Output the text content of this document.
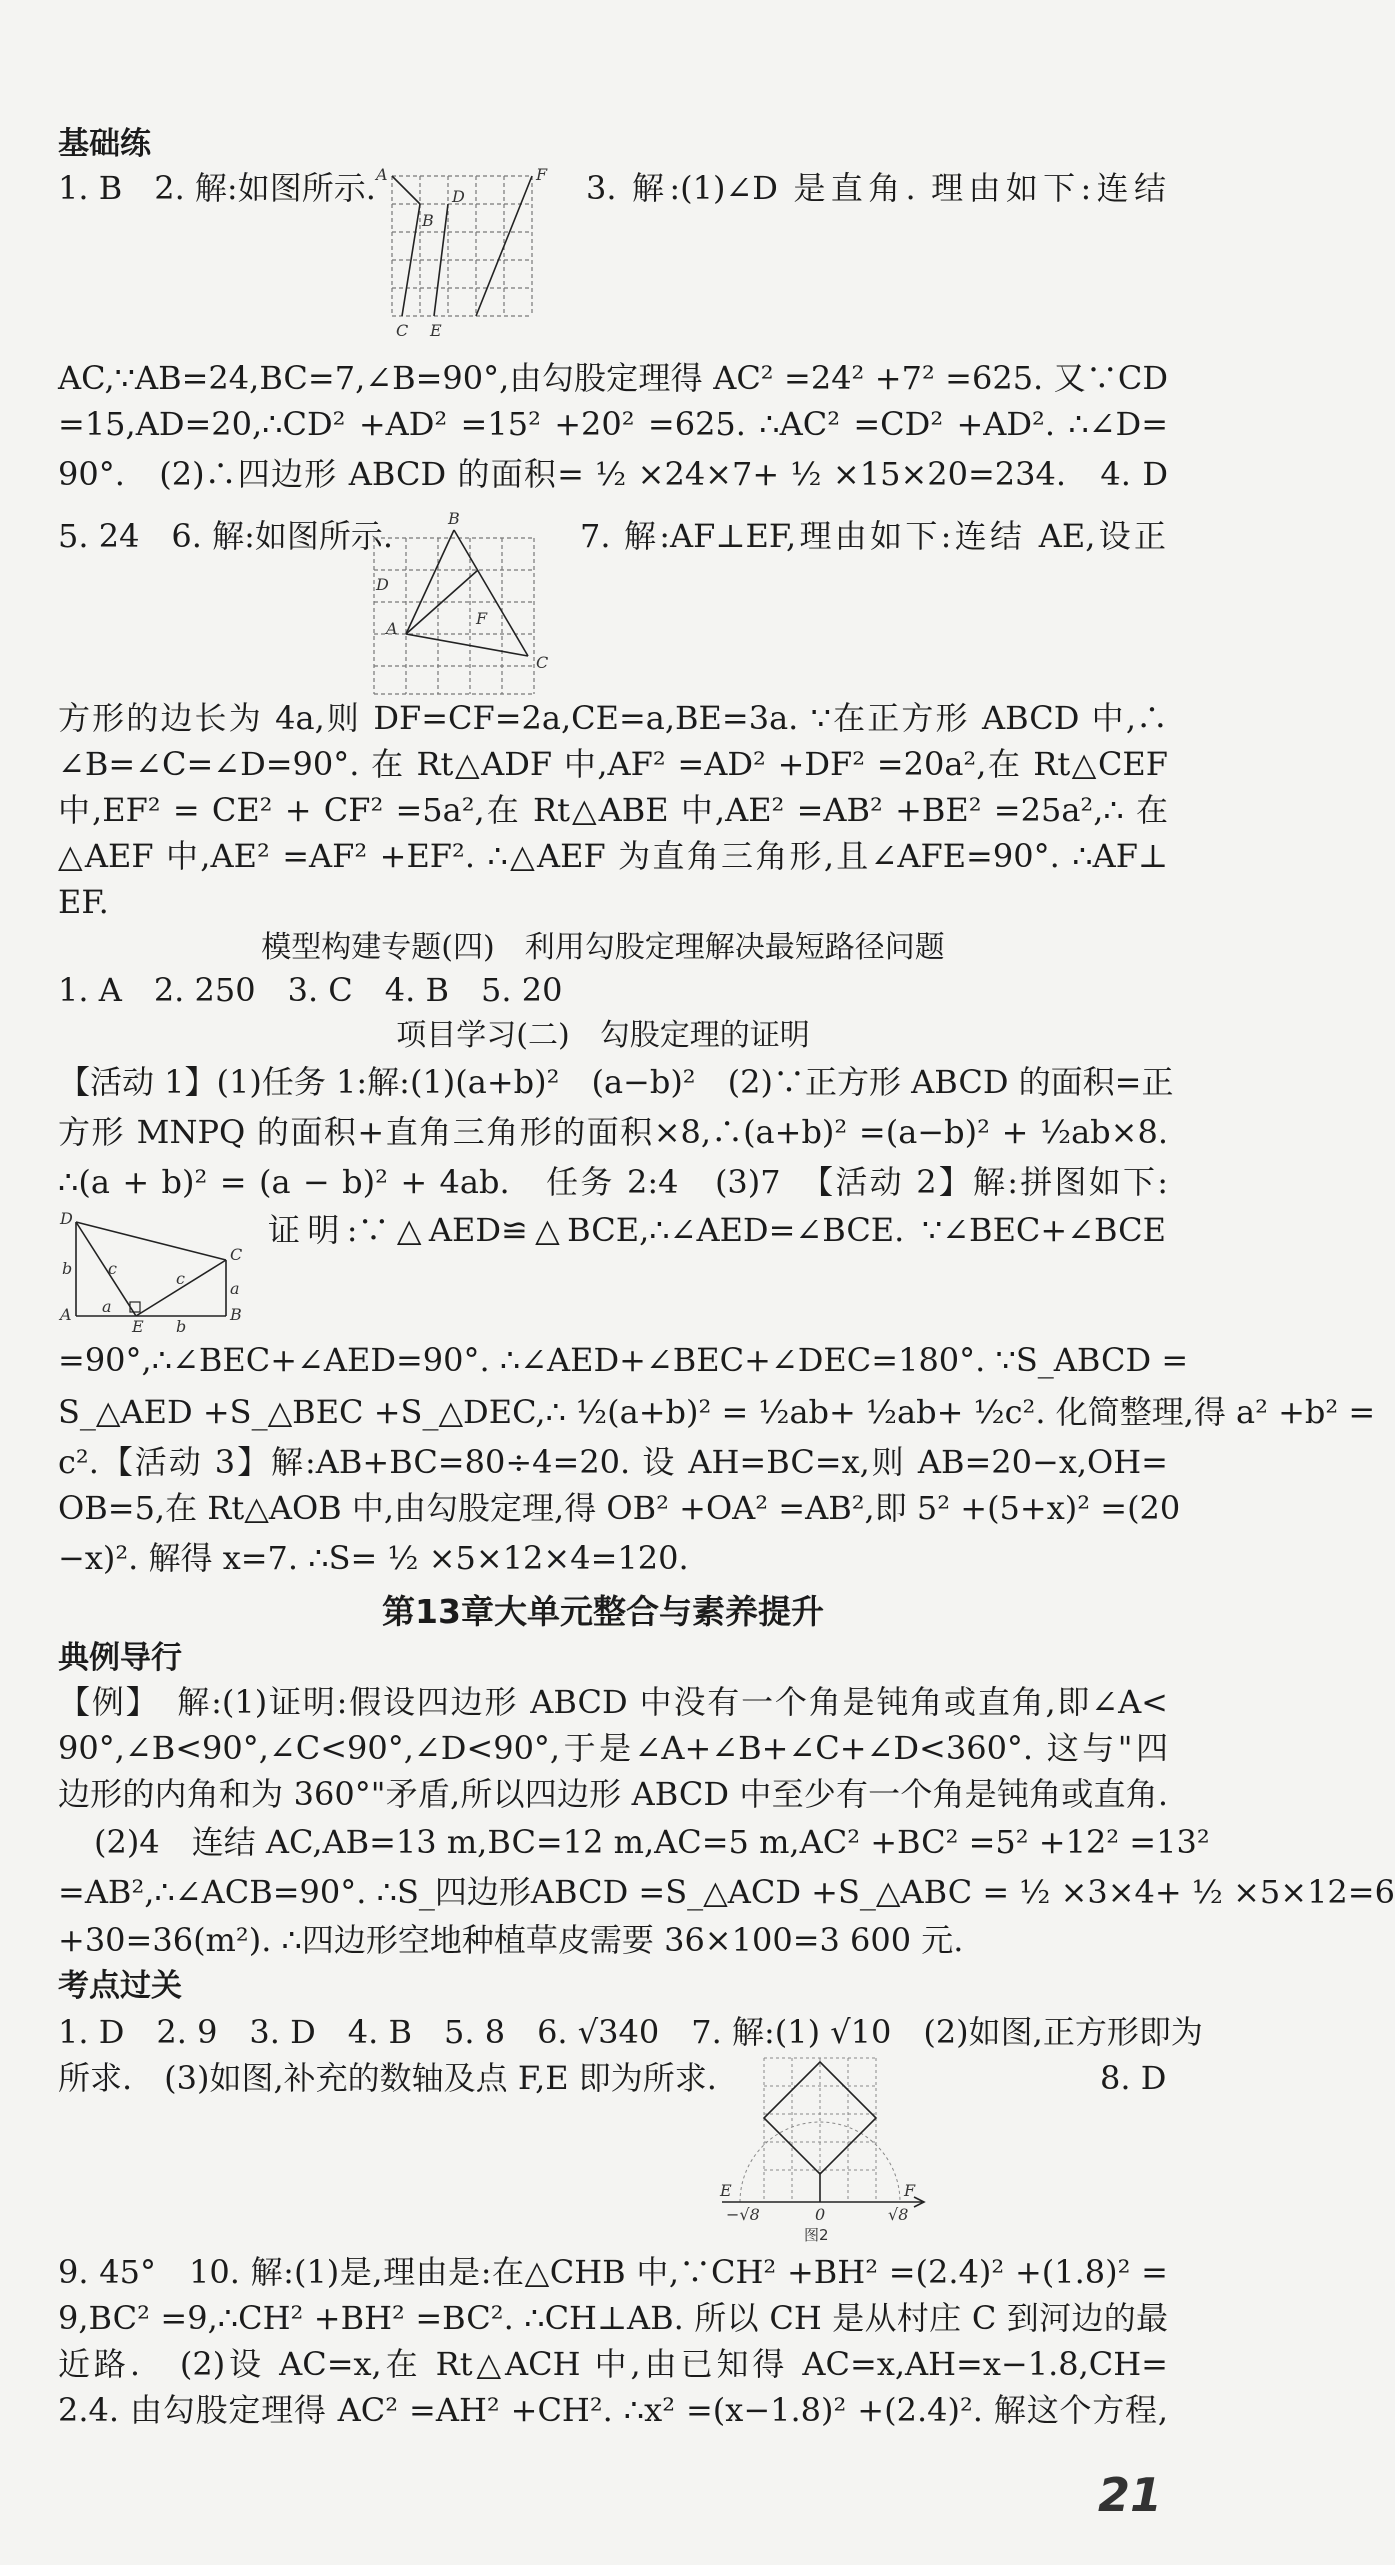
基础练
1. B　2. 解:如图所示. A	F
D
B
C E
3. 解:(1)∠D 是直角. 理由如下:连结
AC,∵AB=24,BC=7,∠B=90°,由勾股定理得 AC² =24² +7² =625. 又∵CD
=15,AD=20,∴CD² +AD² =15² +20² =625. ∴AC² =CD² +AD². ∴∠D=
90°.　(2)∴四边形 ABCD 的面积= ½ ×24×7+ ½ ×15×20=234.　4. D
5. 24　6. 解:如图所示.	B
D
A
F
C
7. 解:AF⊥EF,理由如下:连结 AE,设正
方形的边长为 4a,则 DF=CF=2a,CE=a,BE=3a. ∵在正方形 ABCD 中,∴
∠B=∠C=∠D=90°. 在 Rt△ADF 中,AF² =AD² +DF² =20a²,在 Rt△CEF
中,EF² = CE² + CF² =5a²,在 Rt△ABE 中,AE² =AB² +BE² =25a²,∴ 在
△AEF 中,AE² =AF² +EF². ∴△AEF 为直角三角形,且∠AFE=90°. ∴AF⊥
EF.
模型构建专题(四)　利用勾股定理解决最短路径问题
1. A　2. 250　3. C　4. B　5. 20
项目学习(二)　勾股定理的证明
【活动 1】(1)任务 1:解:(1)(a+b)²　(a−b)²　(2)∵正方形 ABCD 的面积=正
方形 MNPQ 的面积+直角三角形的面积×8,∴(a+b)² =(a−b)² + ½ab×8.
∴(a + b)² = (a − b)² + 4ab.　任务 2:4　(3)7　【活动 2】解:拼图如下:
D
C
b c
c
a
A a
E b
B
证明:∵△AED≌△BCE,∴∠AED=∠BCE. ∵∠BEC+∠BCE
=90°,∴∠BEC+∠AED=90°. ∴∠AED+∠BEC+∠DEC=180°. ∵S_ABCD =
S_△AED +S_△BEC +S_△DEC,∴ ½(a+b)² = ½ab+ ½ab+ ½c². 化简整理,得 a² +b² =
c².【活动 3】解:AB+BC=80÷4=20. 设 AH=BC=x,则 AB=20−x,OH=
OB=5,在 Rt△AOB 中,由勾股定理,得 OB² +OA² =AB²,即 5² +(5+x)² =(20
−x)². 解得 x=7. ∴S= ½ ×5×12×4=120.
第13章大单元整合与素养提升
典例导行
【例】　解:(1)证明:假设四边形 ABCD 中没有一个角是钝角或直角,即∠A<
90°,∠B<90°,∠C<90°,∠D<90°,于是∠A+∠B+∠C+∠D<360°. 这与"四
边形的内角和为 360°"矛盾,所以四边形 ABCD 中至少有一个角是钝角或直角.
(2)4　连结 AC,AB=13 m,BC=12 m,AC=5 m,AC² +BC² =5² +12² =13²
=AB²,∴∠ACB=90°. ∴S_四边形ABCD =S_△ACD +S_△ABC = ½ ×3×4+ ½ ×5×12=6
+30=36(m²). ∴四边形空地种植草皮需要 36×100=3 600 元.
考点过关
1. D　2. 9　3. D　4. B　5. 8　6. √340　7. 解:(1) √10　(2)如图,正方形即为
所求.　(3)如图,补充的数轴及点 F,E 即为所求.	8. D
E	F
−√8	0	√8
图2
9. 45°　10. 解:(1)是,理由是:在△CHB 中,∵CH² +BH² =(2.4)² +(1.8)² =
9,BC² =9,∴CH² +BH² =BC². ∴CH⊥AB. 所以 CH 是从村庄 C 到河边的最
近路.　(2)设 AC=x,在 Rt△ACH 中,由已知得 AC=x,AH=x−1.8,CH=
2.4. 由勾股定理得 AC² =AH² +CH². ∴x² =(x−1.8)² +(2.4)². 解这个方程,
21
